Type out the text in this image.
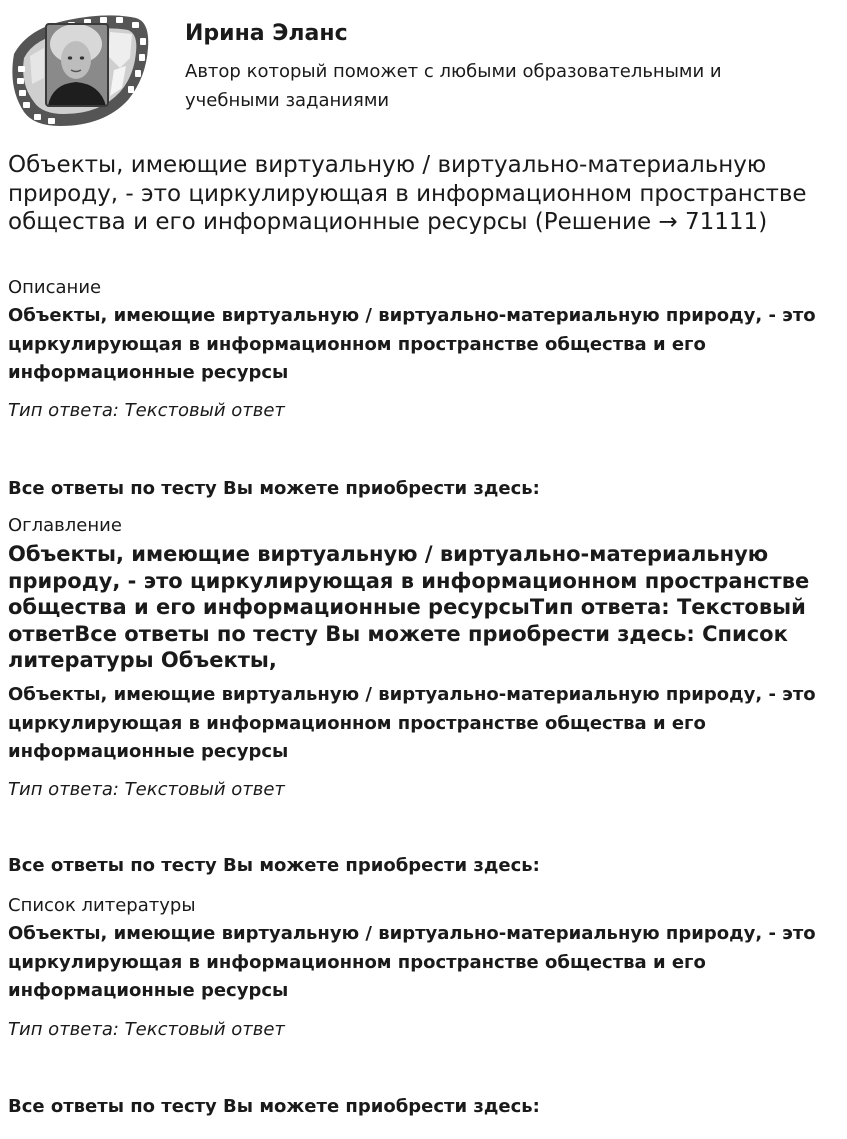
Ирина Эланс
Автор который поможет с любыми образовательными и учебными заданиями
Объекты, имеющие виртуальную / виртуально-материальную природу, - это циркулирующая в информационном пространстве общества и его информационные ресурсы (Решение → 71111)
Описание
Объекты, имеющие виртуальную / виртуально-материальную природу, - это циркулирующая в информационном пространстве общества и его информационные ресурсы
Тип ответа: Текстовый ответ
Все ответы по тесту Вы можете приобрести здесь:
Оглавление
Объекты, имеющие виртуальную / виртуально-материальную природу, - это циркулирующая в информационном пространстве общества и его информационные ресурсыТип ответа: Текстовый ответВсе ответы по тесту Вы можете приобрести здесь: Список литературы Объекты,
Объекты, имеющие виртуальную / виртуально-материальную природу, - это циркулирующая в информационном пространстве общества и его информационные ресурсы
Тип ответа: Текстовый ответ
Все ответы по тесту Вы можете приобрести здесь:
Список литературы
Объекты, имеющие виртуальную / виртуально-материальную природу, - это циркулирующая в информационном пространстве общества и его информационные ресурсы
Тип ответа: Текстовый ответ
Все ответы по тесту Вы можете приобрести здесь:
